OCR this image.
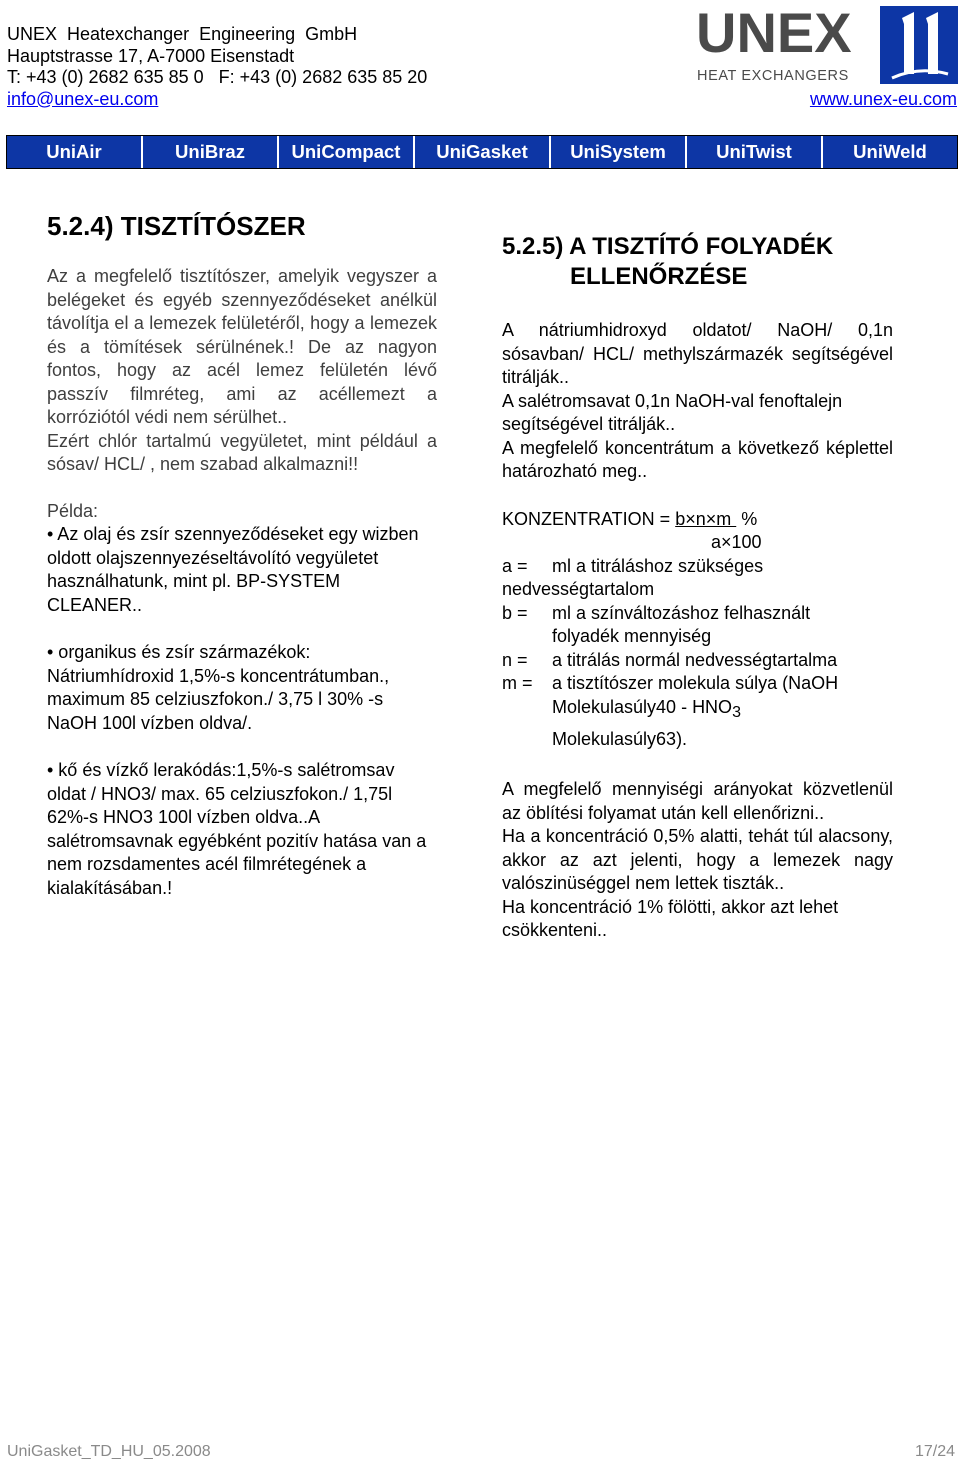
UNEX  Heatexchanger  Engineering  GmbH
Hauptstrasse 17, A-7000 Eisenstadt
T: +43 (0) 2682 635 85 0   F: +43 (0) 2682 635 85 20
info@unex-eu.com
UNEX
HEAT EXCHANGERS
www.unex-eu.com
UniAir	UniBraz	UniCompact	UniGasket	UniSystem	UniTwist	UniWeld
5.2.4) TISZTÍTÓSZER

Az a megfelelő tisztítószer, amelyik vegyszer a belégeket és egyéb szennyeződéseket anélkül távolítja el a lemezek felületéről, hogy a lemezek és a tömítések sérülnének.! De az nagyon fontos, hogy az acél lemez felületén lévő passzív filmréteg, ami az acéllemezt a korróziótól védi nem sérülhet..

Ezért chlór tartalmú vegyületet, mint például a sósav/ HCL/ , nem szabad alkalmazni!!

Példa:

• Az olaj és zsír szennyeződéseket egy wizben oldott olajszennyezéseltávolító vegyületet használhatunk, mint pl. BP-SYSTEM CLEANER..

• organikus és zsír származékok: Nátriumhídroxid 1,5%-s koncentrátumban., maximum 85 celziuszfokon./ 3,75 l 30% -s NaOH 100l vízben oldva/.

• kő és vízkő lerakódás:1,5%-s salétromsav oldat / HNO3/ max. 65 celziuszfokon./ 1,75l 62%-s HNO3 100l vízben oldva..A salétromsavnak egyébként pozitív hatása van a nem rozsdamentes acél filmrétegének a kialakításában.!

5.2.5) A TISZTÍTÓ FOLYADÉK
ELLENŐRZÉSE

A nátriumhidroxyd oldatot/ NaOH/ 0,1n sósavban/ HCL/ methylszármazék segítségével titrálják..

A salétromsavat 0,1n NaOH-val fenoftalejn segítségével titrálják..

A megfelelő koncentrátum a következő képlettel határozható meg..

KONZENTRATION = b×n×m  %
a×100
a =	ml a titráláshoz szükséges
nedvességtartalom
b =	ml a színváltozáshoz felhasznált
folyadék mennyiség
n =	a titrálás normál nedvességtartalma
m =	a tisztítószer molekula súlya (NaOH
Molekulasúly40 - HNO3
Molekulasúly63).

A megfelelő mennyiségi arányokat közvetlenül az öblítési folyamat után kell ellenőrizni..

Ha a koncentráció 0,5% alatti, tehát túl alacsony, akkor az azt jelenti, hogy a lemezek nagy valószinüséggel nem lettek tiszták..

Ha koncentráció 1% fölötti, akkor azt lehet csökkenteni..

UniGasket_TD_HU_05.2008	17/24
